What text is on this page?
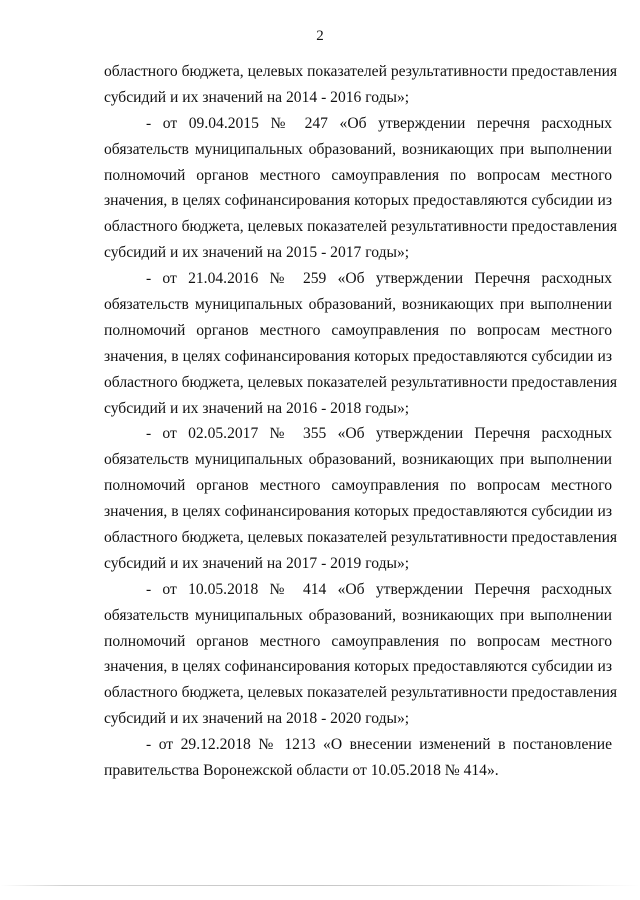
2
областного бюджета, целевых показателей результативности предоставления
субсидий и их значений на 2014 - 2016 годы»;
- от 09.04.2015 № 247 «Об утверждении перечня расходных
обязательств муниципальных образований, возникающих при выполнении
полномочий органов местного самоуправления по вопросам местного
значения, в целях софинансирования которых предоставляются субсидии из
областного бюджета, целевых показателей результативности предоставления
субсидий и их значений на 2015 - 2017 годы»;
- от 21.04.2016 № 259 «Об утверждении Перечня расходных
обязательств муниципальных образований, возникающих при выполнении
полномочий органов местного самоуправления по вопросам местного
значения, в целях софинансирования которых предоставляются субсидии из
областного бюджета, целевых показателей результативности предоставления
субсидий и их значений на 2016 - 2018 годы»;
- от 02.05.2017 № 355 «Об утверждении Перечня расходных
обязательств муниципальных образований, возникающих при выполнении
полномочий органов местного самоуправления по вопросам местного
значения, в целях софинансирования которых предоставляются субсидии из
областного бюджета, целевых показателей результативности предоставления
субсидий и их значений на 2017 - 2019 годы»;
- от 10.05.2018 № 414 «Об утверждении Перечня расходных
обязательств муниципальных образований, возникающих при выполнении
полномочий органов местного самоуправления по вопросам местного
значения, в целях софинансирования которых предоставляются субсидии из
областного бюджета, целевых показателей результативности предоставления
субсидий и их значений на 2018 - 2020 годы»;
- от 29.12.2018 № 1213 «О внесении изменений в постановление
правительства Воронежской области от 10.05.2018 № 414».
